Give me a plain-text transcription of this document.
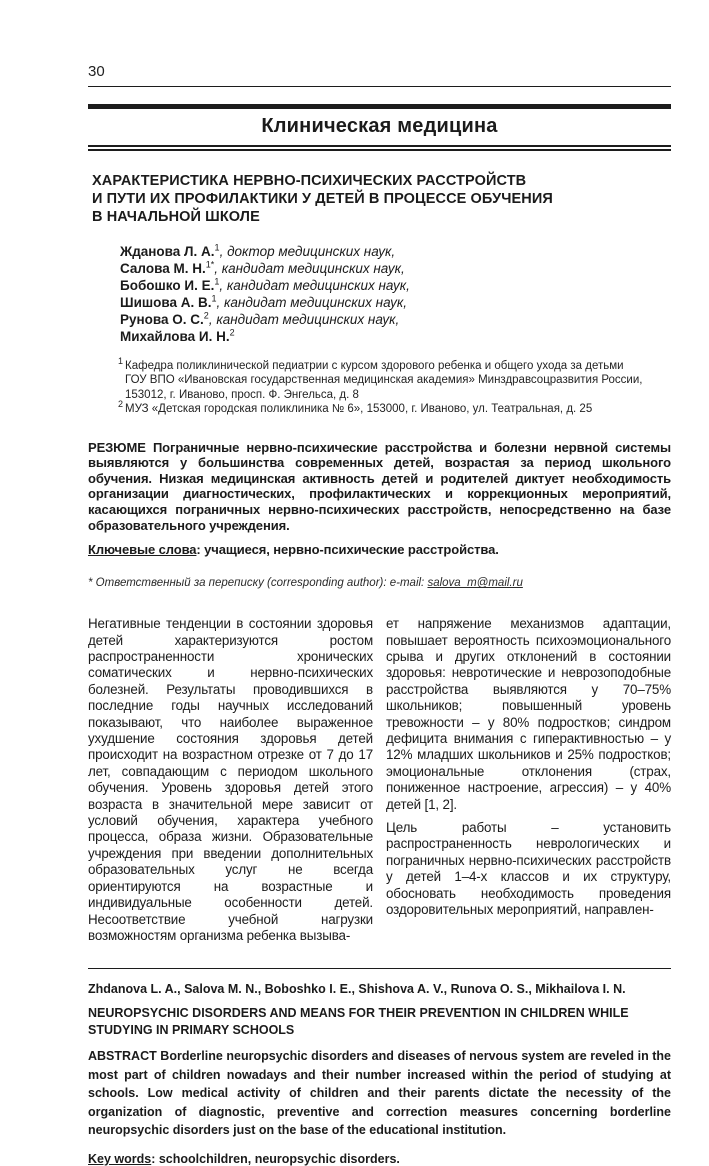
30
Клиническая медицина
ХАРАКТЕРИСТИКА НЕРВНО-ПСИХИЧЕСКИХ РАССТРОЙСТВ
И ПУТИ ИХ ПРОФИЛАКТИКИ У ДЕТЕЙ В ПРОЦЕССЕ ОБУЧЕНИЯ
В НАЧАЛЬНОЙ ШКОЛЕ
Жданова Л. А.$^1$, доктор медицинских наук,
Салова М. Н.$^{1*}$, кандидат медицинских наук,
Бобошко И. Е.$^1$, кандидат медицинских наук,
Шишова А. В.$^1$, кандидат медицинских наук,
Рунова О. С.$^2$, кандидат медицинских наук,
Михайлова И. Н.$^2$
$^1$ Кафедра поликлинической педиатрии с курсом здорового ребенка и общего ухода за детьми
ГОУ ВПО «Ивановская государственная медицинская академия» Минздравсоцразвития России,
153012, г. Иваново, просп. Ф. Энгельса, д. 8
$^2$ МУЗ «Детская городская поликлиника № 6», 153000, г. Иваново, ул. Театральная, д. 25

РЕЗЮМЕ Пограничные нервно-психические расстройства и болезни нервной системы выявляются у большинства современных детей, возрастая за период школьного обучения. Низкая медицинская активность детей и родителей диктует необходимость организации диагностических, профилактических и коррекционных мероприятий, касающихся пограничных нервно-психических расстройств, непосредственно на базе образовательного учреждения.

Ключевые слова: учащиеся, нервно-психические расстройства.

* Ответственный за переписку (corresponding author): e-mail: salova_m@mail.ru

Негативные тенденции в состоянии здоровья детей характеризуются ростом распространенности хронических соматических и нервно-психических болезней. Результаты проводившихся в последние годы научных исследований показывают, что наиболее выраженное ухудшение состояния здоровья детей происходит на возрастном отрезке от 7 до 17 лет, совпадающим с периодом школьного обучения. Уровень здоровья детей этого возраста в значительной мере зависит от условий обучения, характера учебного процесса, образа жизни. Образовательные учреждения при введении дополнительных образовательных услуг не всегда ориентируются на возрастные и индивидуальные особенности детей. Несоответствие учебной нагрузки возможностям организма ребенка вызыва-

ет напряжение механизмов адаптации, повышает вероятность психоэмоционального срыва и других отклонений в состоянии здоровья: невротические и неврозоподобные расстройства выявляются у 70–75% школьников; повышенный уровень тревожности – у 80% подростков; синдром дефицита внимания с гиперактивностью – у 12% младших школьников и 25% подростков; эмоциональные отклонения (страх, пониженное настроение, агрессия) – у 40% детей [1, 2].

Цель работы – установить распространенность неврологических и пограничных нервно-психических расстройств у детей 1–4-х классов и их структуру, обосновать необходимость проведения оздоровительных мероприятий, направлен-

Zhdanova L. A., Salova M. N., Boboshko I. E., Shishova A. V., Runova O. S., Mikhailova I. N.
NEUROPSYCHIC DISORDERS AND MEANS FOR THEIR PREVENTION IN CHILDREN WHILE STUDYING IN PRIMARY SCHOOLS

ABSTRACT Borderline neuropsychic disorders and diseases of nervous system are reveled in the most part of children nowadays and their number increased within the period of studying at schools. Low medical activity of children and their parents dictate the necessity of the organization of diagnostic, preventive and correction measures concerning borderline neuropsychic disorders just on the base of the educational institution.

Key words: schoolchildren, neuropsychic disorders.
